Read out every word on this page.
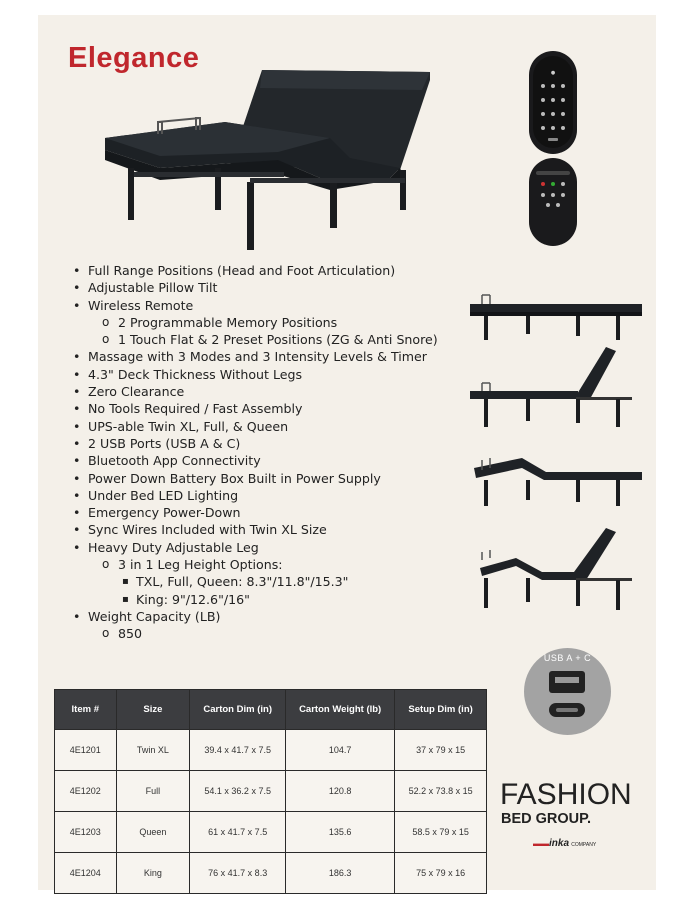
Elegance	●
• Full Range Positions (Head and Foot Articulation)
• Adjustable Pillow Tilt
• Wireless Remote
o 2 Programmable Memory Positions
o 1 Touch Flat & 2 Preset Positions (ZG & Anti Snore)
• Massage with 3 Modes and 3 Intensity Levels & Timer
• 4.3" Deck Thickness Without Legs
• Zero Clearance
• No Tools Required / Fast Assembly
• UPS-able Twin XL, Full, & Queen
• 2 USB Ports (USB A & C)
• Bluetooth App Connectivity
• Power Down Battery Box Built in Power Supply
• Under Bed LED Lighting
• Emergency Power-Down
• Sync Wires Included with Twin XL Size
• Heavy Duty Adjustable Leg
o 3 in 1 Leg Height Options:
▪ TXL, Full, Queen: 8.3"/11.8"/15.3"
▪ King: 9"/12.6"/16"
• Weight Capacity (LB)
o 850
USB A + C
Item #	Size	Carton Dim (in)	Carton Weight (lb)	Setup Dim (in)
4E1201	Twin XL	39.4 x 41.7 x 7.5	104.7	37 x 79 x 15
4E1202	Full	54.1 x 36.2 x 7.5	120.8	52.2 x 73.8 x 15
4E1203	Queen	61 x 41.7 x 7.5	135.6	58.5 x 79 x 15
4E1204	King	76 x 41.7 x 8.3	186.3	75 x 79 x 16
FASHION
BED GROUP.
▬▬inka COMPANY
